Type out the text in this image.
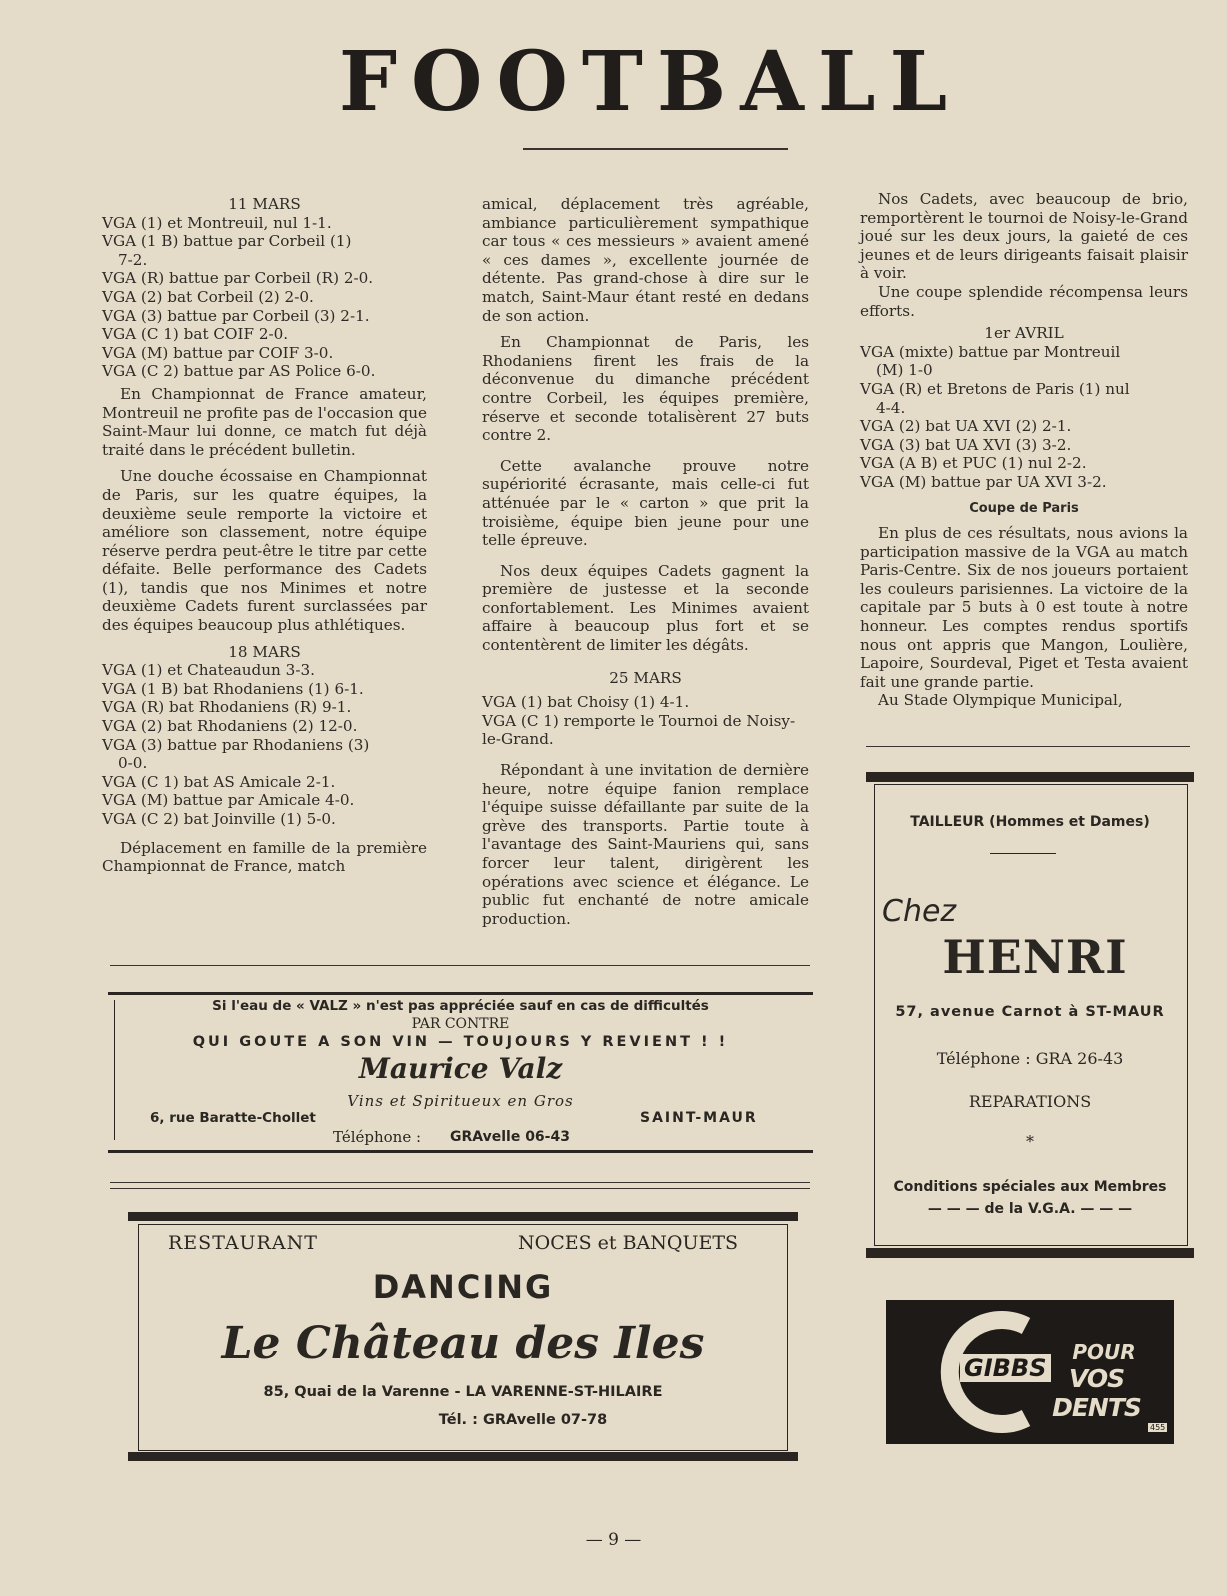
FOOTBALL

11 MARS

VGA (1) et Montreuil, nul 1-1.
VGA (1 B) battue par Corbeil (1)
7-2.
VGA (R) battue par Corbeil (R) 2-0.
VGA (2) bat Corbeil (2) 2-0.
VGA (3) battue par Corbeil (3) 2-1.
VGA (C 1) bat COIF 2-0.
VGA (M) battue par COIF 3-0.
VGA (C 2) battue par AS Police 6-0.

En Championnat de France amateur, Montreuil ne profite pas de l'occasion que Saint-Maur lui donne, ce match fut déjà traité dans le précédent bulletin.

Une douche écossaise en Championnat de Paris, sur les quatre équipes, la deuxième seule remporte la victoire et améliore son classement, notre équipe réserve perdra peut-être le titre par cette défaite. Belle performance des Cadets (1), tandis que nos Minimes et notre deuxième Cadets furent surclassées par des équipes beaucoup plus athlétiques.

18 MARS

VGA (1) et Chateaudun 3-3.
VGA (1 B) bat Rhodaniens (1) 6-1.
VGA (R) bat Rhodaniens (R) 9-1.
VGA (2) bat Rhodaniens (2) 12-0.
VGA (3) battue par Rhodaniens (3)
0-0.
VGA (C 1) bat AS Amicale 2-1.
VGA (M) battue par Amicale 4-0.
VGA (C 2) bat Joinville (1) 5-0.

Déplacement en famille de la première Championnat de France, match

amical, déplacement très agréable, ambiance particulièrement sympathique car tous « ces messieurs » avaient amené « ces dames », excellente journée de détente. Pas grand-chose à dire sur le match, Saint-Maur étant resté en dedans de son action.

En Championnat de Paris, les Rhodaniens firent les frais de la déconvenue du dimanche précédent contre Corbeil, les équipes première, réserve et seconde totalisèrent 27 buts contre 2.

Cette avalanche prouve notre supériorité écrasante, mais celle-ci fut atténuée par le « carton » que prit la troisième, équipe bien jeune pour une telle épreuve.

Nos deux équipes Cadets gagnent la première de justesse et la seconde confortablement. Les Minimes avaient affaire à beaucoup plus fort et se contentèrent de limiter les dégâts.

25 MARS

VGA (1) bat Choisy (1) 4-1.
VGA (C 1) remporte le Tournoi de Noisy-le-Grand.

Répondant à une invitation de dernière heure, notre équipe fanion remplace l'équipe suisse défaillante par suite de la grève des transports. Partie toute à l'avantage des Saint-Mauriens qui, sans forcer leur talent, dirigèrent les opérations avec science et élégance. Le public fut enchanté de notre amicale production.

Nos Cadets, avec beaucoup de brio, remportèrent le tournoi de Noisy-le-Grand joué sur les deux jours, la gaieté de ces jeunes et de leurs dirigeants faisait plaisir à voir.

Une coupe splendide récompensa leurs efforts.

1er AVRIL

VGA (mixte) battue par Montreuil
(M) 1-0
VGA (R) et Bretons de Paris (1) nul
4-4.
VGA (2) bat UA XVI (2) 2-1.
VGA (3) bat UA XVI (3) 3-2.
VGA (A B) et PUC (1) nul 2-2.
VGA (M) battue par UA XVI 3-2.

Coupe de Paris

En plus de ces résultats, nous avions la participation massive de la VGA au match Paris-Centre. Six de nos joueurs portaient les couleurs parisiennes. La victoire de la capitale par 5 buts à 0 est toute à notre honneur. Les comptes rendus sportifs nous ont appris que Mangon, Loulière, Lapoire, Sourdeval, Piget et Testa avaient fait une grande partie.

Au Stade Olympique Municipal,

Si l'eau de « VALZ » n'est pas appréciée sauf en cas de difficultés
PAR CONTRE
QUI GOUTE A SON VIN — TOUJOURS Y REVIENT ! !
Maurice Valz
Vins et Spiritueux en Gros
6, rue Baratte-Chollet	SAINT-MAUR
Téléphone : GRAvelle 06-43
RESTAURANT	NOCES et BANQUETS
DANCING
Le Château des Iles
85, Quai de la Varenne - LA VARENNE-ST-HILAIRE
Tél. : GRAvelle 07-78
TAILLEUR (Hommes et Dames)
Chez
HENRI
57, avenue Carnot à ST-MAUR
Téléphone : GRA 26-43
REPARATIONS
*
Conditions spéciales aux Membres
— — — de la V.G.A. — — —
GIBBS
POUR
VOS DENTS
455
— 9 —
